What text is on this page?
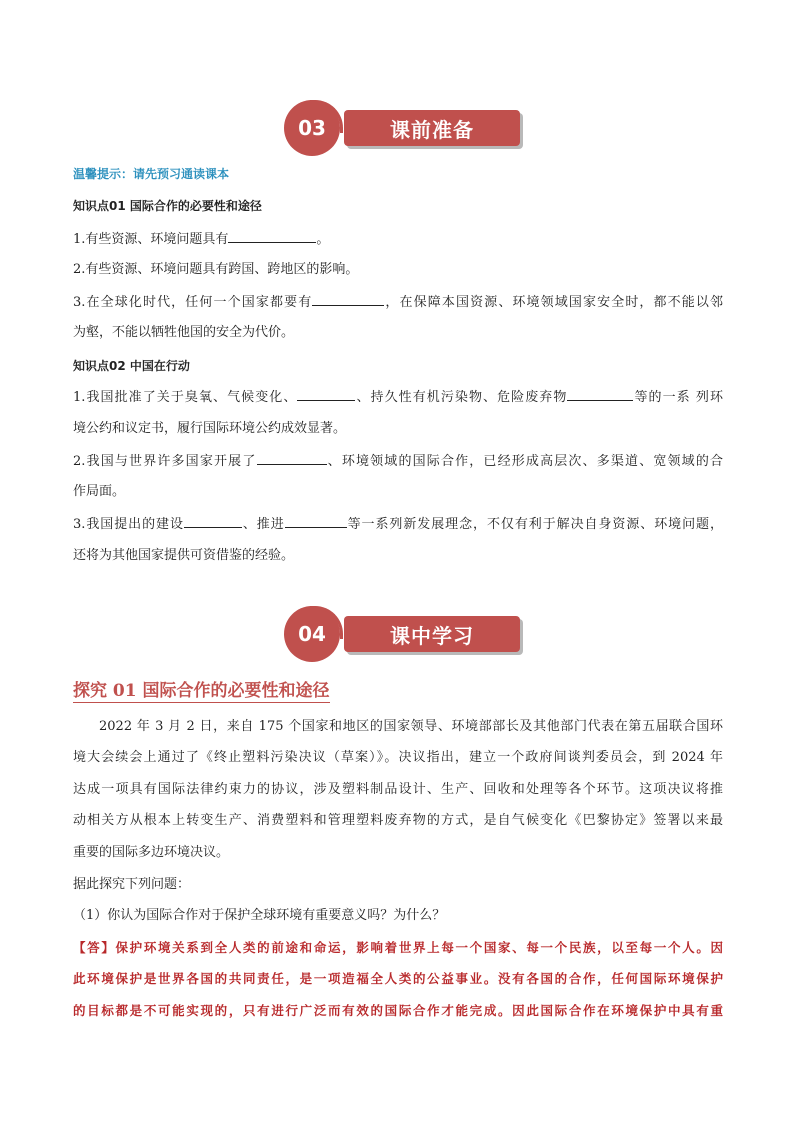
03	课前准备
温馨提示：请先预习通读课本
知识点01 国际合作的必要性和途径
1.有些资源、环境问题具有	。
2.有些资源、环境问题具有跨国、跨地区的影响。
3.在全球化时代，任何一个国家都要有	，在保障本国资源、环境领域国家安全时，都不能以邻
为壑，不能以牺牲他国的安全为代价。
知识点02 中国在行动
1.我国批准了关于臭氧、气候变化、	、持久性有机污染物、危险废弃物	等的一系 列环
境公约和议定书，履行国际环境公约成效显著。
2.我国与世界许多国家开展了	、环境领域的国际合作，已经形成高层次、多渠道、宽领域的合
作局面。
3.我国提出的建设	、推进	等一系列新发展理念，不仅有利于解决自身资源、环境问题，
还将为其他国家提供可资借鉴的经验。
04	课中学习
探究 01 国际合作的必要性和途径
2022 年 3 月 2 日，来自 175 个国家和地区的国家领导、环境部部长及其他部门代表在第五届联合国环
境大会续会上通过了《终止塑料污染决议（草案）》。决议指出，建立一个政府间谈判委员会，到 2024 年
达成一项具有国际法律约束力的协议，涉及塑料制品设计、生产、回收和处理等各个环节。这项决议将推
动相关方从根本上转变生产、消费塑料和管理塑料废弃物的方式，是自气候变化《巴黎协定》签署以来最
重要的国际多边环境决议。
据此探究下列问题：
（1）你认为国际合作对于保护全球环境有重要意义吗？为什么？
【答】保护环境关系到全人类的前途和命运，影响着世界上每一个国家、每一个民族，以至每一个人。因
此环境保护是世界各国的共同责任，是一项造福全人类的公益事业。没有各国的合作，任何国际环境保护
的目标都是不可能实现的，只有进行广泛而有效的国际合作才能完成。因此国际合作在环境保护中具有重
